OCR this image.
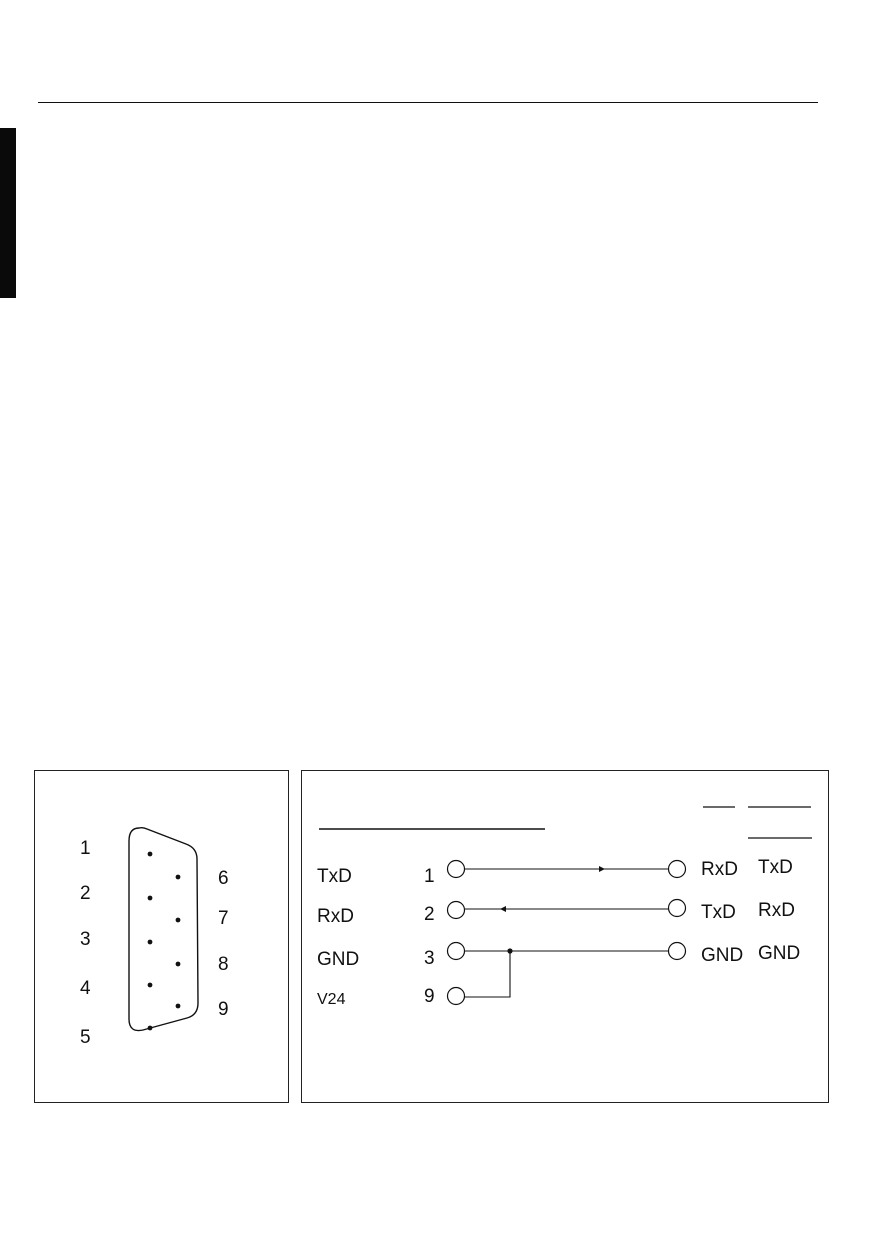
1
2
3
4
5
6
7
8
9
TxD
RxD
GND
V24
1
2
3
9
RxD
TxD
GND
TxD
RxD
GND
